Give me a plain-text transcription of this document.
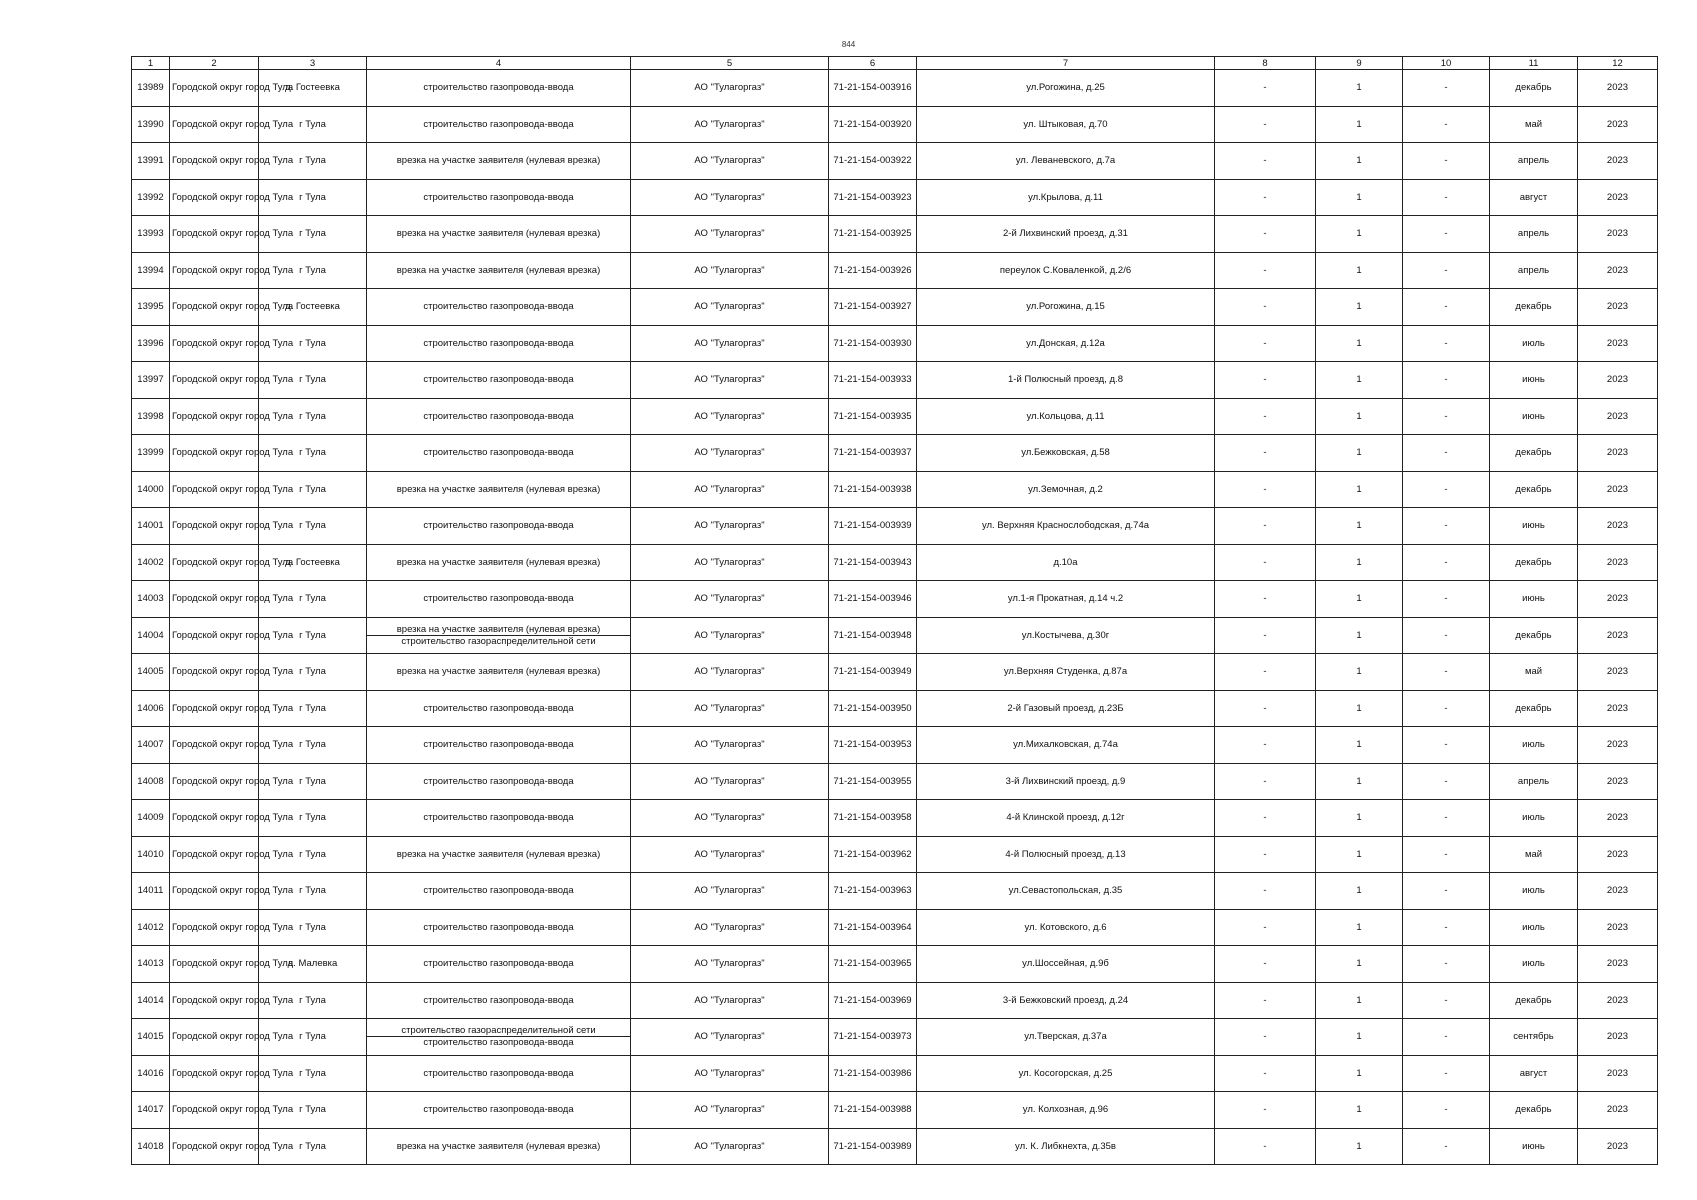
844
1	2	3	4	5	6	7	8	9	10	11	12
13989	Городской округ город Тула	д. Гостеевка	строительство газопровода-ввода	АО "Тулагоргаз"	71-21-154-003916	ул.Рогожина, д.25	-	1	-	декабрь	2023
13990	Городской округ город Тула	г Тула	строительство газопровода-ввода	АО "Тулагоргаз"	71-21-154-003920	ул. Штыковая, д.70	-	1	-	май	2023
13991	Городской округ город Тула	г Тула	врезка на участке заявителя (нулевая врезка)	АО "Тулагоргаз"	71-21-154-003922	ул. Леваневского, д.7а	-	1	-	апрель	2023
13992	Городской округ город Тула	г Тула	строительство газопровода-ввода	АО "Тулагоргаз"	71-21-154-003923	ул.Крылова, д.11	-	1	-	август	2023
13993	Городской округ город Тула	г Тула	врезка на участке заявителя (нулевая врезка)	АО "Тулагоргаз"	71-21-154-003925	2-й Лихвинский проезд, д.31	-	1	-	апрель	2023
13994	Городской округ город Тула	г Тула	врезка на участке заявителя (нулевая врезка)	АО "Тулагоргаз"	71-21-154-003926	переулок С.Коваленкой, д.2/6	-	1	-	апрель	2023
13995	Городской округ город Тула	д. Гостеевка	строительство газопровода-ввода	АО "Тулагоргаз"	71-21-154-003927	ул.Рогожина, д.15	-	1	-	декабрь	2023
13996	Городской округ город Тула	г Тула	строительство газопровода-ввода	АО "Тулагоргаз"	71-21-154-003930	ул.Донская, д.12а	-	1	-	июль	2023
13997	Городской округ город Тула	г Тула	строительство газопровода-ввода	АО "Тулагоргаз"	71-21-154-003933	1-й Полюсный проезд, д.8	-	1	-	июнь	2023
13998	Городской округ город Тула	г Тула	строительство газопровода-ввода	АО "Тулагоргаз"	71-21-154-003935	ул.Кольцова, д.11	-	1	-	июнь	2023
13999	Городской округ город Тула	г Тула	строительство газопровода-ввода	АО "Тулагоргаз"	71-21-154-003937	ул.Бежковская, д.58	-	1	-	декабрь	2023
14000	Городской округ город Тула	г Тула	врезка на участке заявителя (нулевая врезка)	АО "Тулагоргаз"	71-21-154-003938	ул.Земочная, д.2	-	1	-	декабрь	2023
14001	Городской округ город Тула	г Тула	строительство газопровода-ввода	АО "Тулагоргаз"	71-21-154-003939	ул. Верхняя Краснослободская, д.74а	-	1	-	июнь	2023
14002	Городской округ город Тула	д. Гостеевка	врезка на участке заявителя (нулевая врезка)	АО "Тулагоргаз"	71-21-154-003943	д.10а	-	1	-	декабрь	2023
14003	Городской округ город Тула	г Тула	строительство газопровода-ввода	АО "Тулагоргаз"	71-21-154-003946	ул.1-я Прокатная, д.14 ч.2	-	1	-	июнь	2023
14004	Городской округ город Тула	г Тула	врезка на участке заявителя (нулевая врезка)
строительство газораспределительной сети	АО "Тулагоргаз"	71-21-154-003948	ул.Костычева, д.30г	-	1	-	декабрь	2023
14005	Городской округ город Тула	г Тула	врезка на участке заявителя (нулевая врезка)	АО "Тулагоргаз"	71-21-154-003949	ул.Верхняя Студенка, д.87а	-	1	-	май	2023
14006	Городской округ город Тула	г Тула	строительство газопровода-ввода	АО "Тулагоргаз"	71-21-154-003950	2-й Газовый проезд, д.23Б	-	1	-	декабрь	2023
14007	Городской округ город Тула	г Тула	строительство газопровода-ввода	АО "Тулагоргаз"	71-21-154-003953	ул.Михалковская, д.74а	-	1	-	июль	2023
14008	Городской округ город Тула	г Тула	строительство газопровода-ввода	АО "Тулагоргаз"	71-21-154-003955	3-й Лихвинский проезд, д.9	-	1	-	апрель	2023
14009	Городской округ город Тула	г Тула	строительство газопровода-ввода	АО "Тулагоргаз"	71-21-154-003958	4-й Клинской проезд, д.12г	-	1	-	июль	2023
14010	Городской округ город Тула	г Тула	врезка на участке заявителя (нулевая врезка)	АО "Тулагоргаз"	71-21-154-003962	4-й Полюсный проезд, д.13	-	1	-	май	2023
14011	Городской округ город Тула	г Тула	строительство газопровода-ввода	АО "Тулагоргаз"	71-21-154-003963	ул.Севастопольская, д.35	-	1	-	июль	2023
14012	Городской округ город Тула	г Тула	строительство газопровода-ввода	АО "Тулагоргаз"	71-21-154-003964	ул. Котовского, д.6	-	1	-	июль	2023
14013	Городской округ город Тула	д. Малевка	строительство газопровода-ввода	АО "Тулагоргаз"	71-21-154-003965	ул.Шоссейная, д.9б	-	1	-	июль	2023
14014	Городской округ город Тула	г Тула	строительство газопровода-ввода	АО "Тулагоргаз"	71-21-154-003969	3-й Бежковский проезд, д.24	-	1	-	декабрь	2023
14015	Городской округ город Тула	г Тула	строительство газораспределительной сети
строительство газопровода-ввода	АО "Тулагоргаз"	71-21-154-003973	ул.Тверская, д.37а	-	1	-	сентябрь	2023
14016	Городской округ город Тула	г Тула	строительство газопровода-ввода	АО "Тулагоргаз"	71-21-154-003986	ул. Косогорская, д.25	-	1	-	август	2023
14017	Городской округ город Тула	г Тула	строительство газопровода-ввода	АО "Тулагоргаз"	71-21-154-003988	ул. Колхозная, д.96	-	1	-	декабрь	2023
14018	Городской округ город Тула	г Тула	врезка на участке заявителя (нулевая врезка)	АО "Тулагоргаз"	71-21-154-003989	ул. К. Либкнехта, д.35в	-	1	-	июнь	2023
